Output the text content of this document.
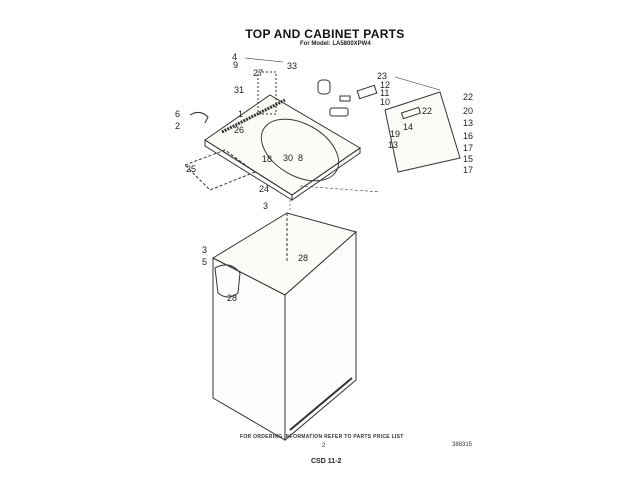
TOP AND CABINET PARTS
For Model: LA5800XPW4
4
9
27
31
33
23
12
11
10	22
22	20
13
14
19	16
13	17
15
17
6	1
2	26
18 30 8
25
24
3
3
5	28
28
FOR ORDERING INFORMATION REFER TO PARTS PRICE LIST
2	388315
CSD 11-2
